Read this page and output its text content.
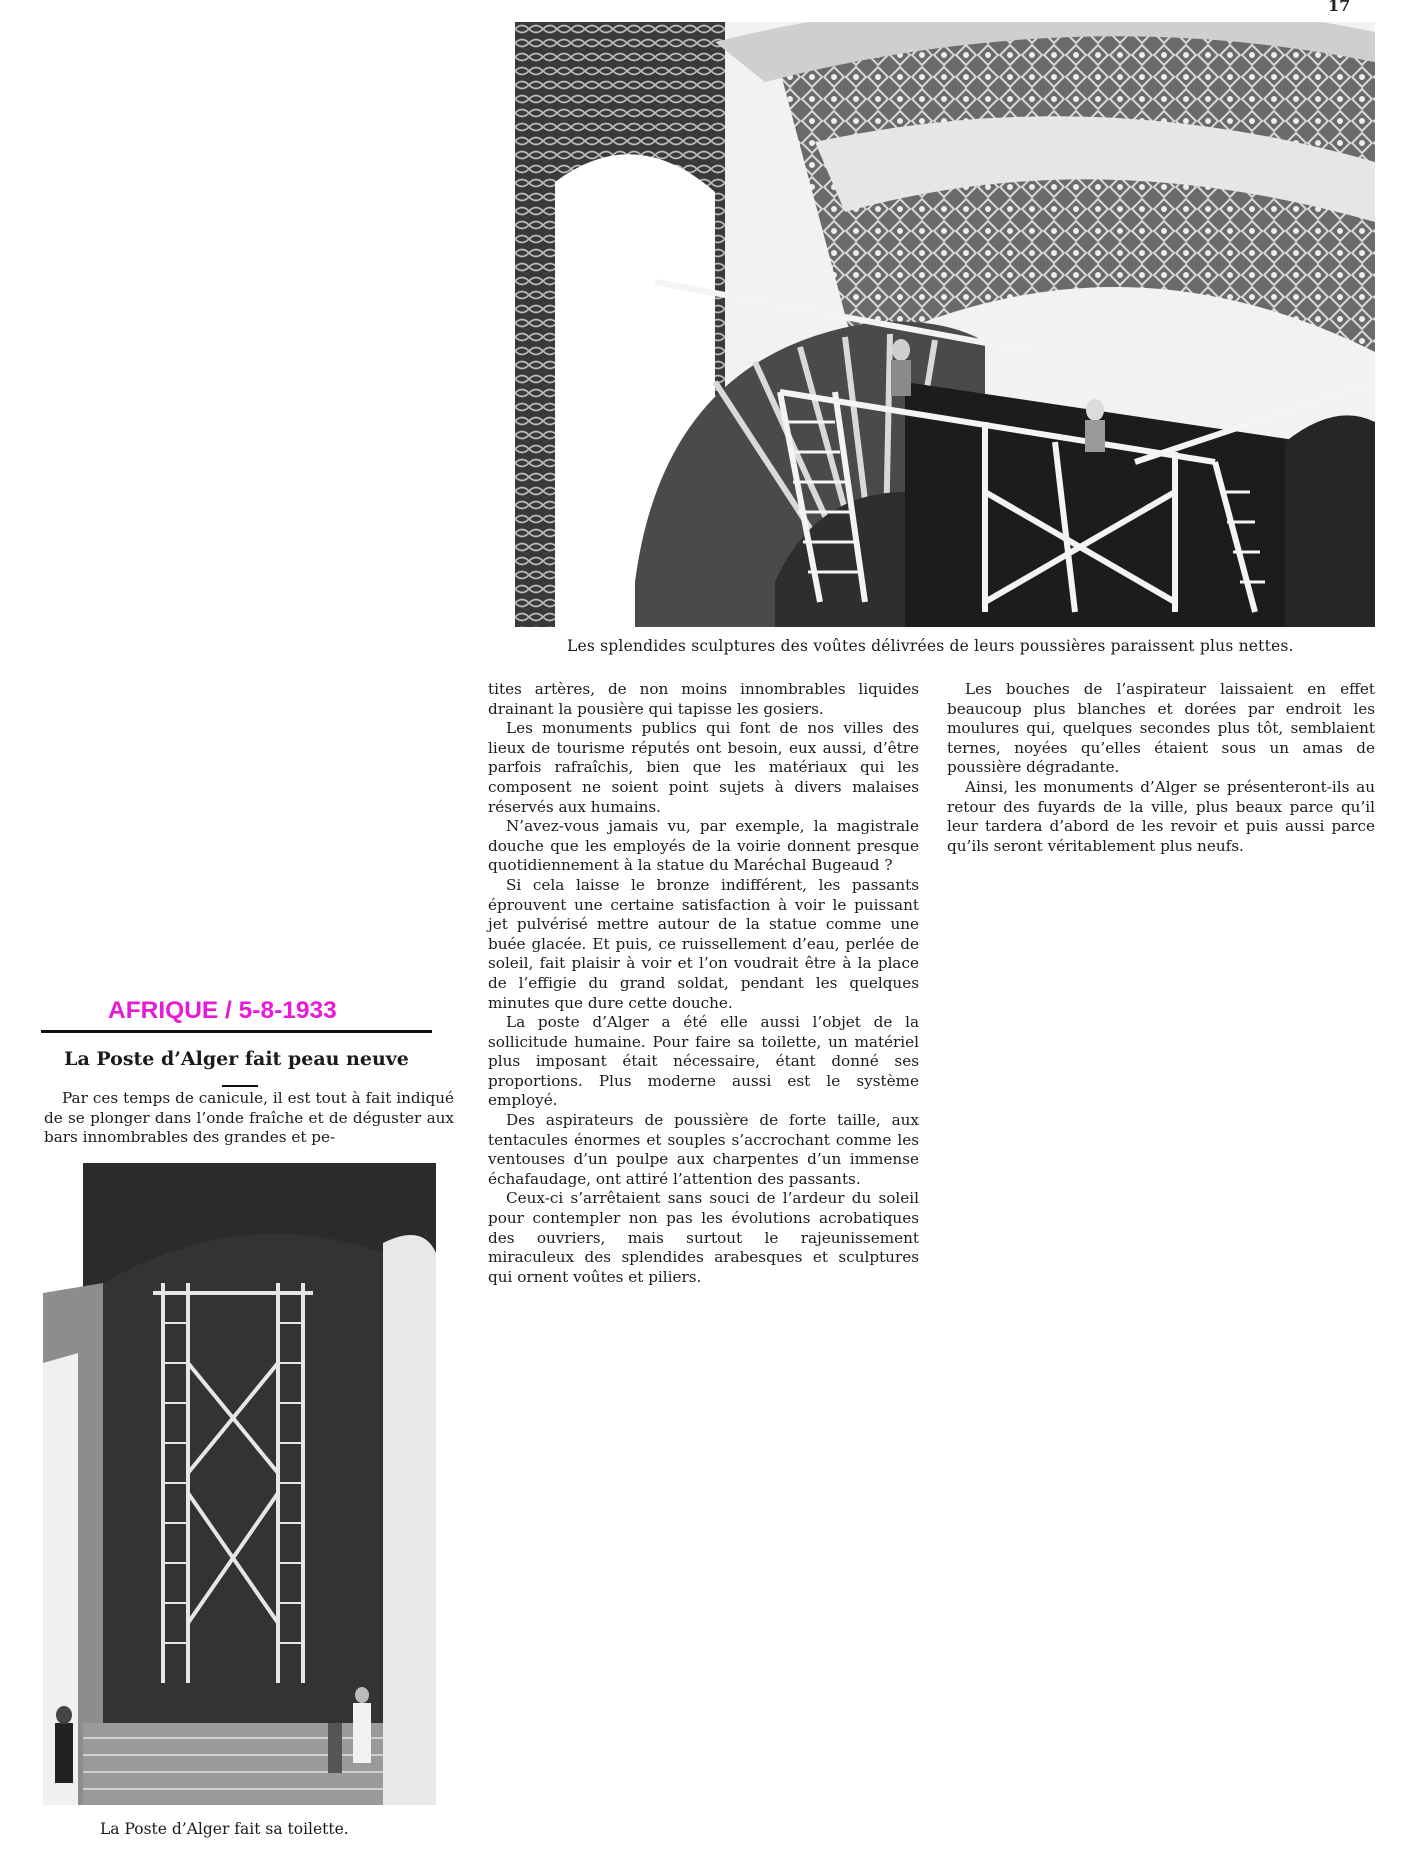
17
Les splendides sculptures des voûtes délivrées de leurs poussières paraissent plus nettes.
AFRIQUE / 5-8-1933
La Poste d’Alger fait peau neuve

Par ces temps de canicule, il est tout à fait indiqué de se plonger dans l’onde fraîche et de déguster aux bars innombrables des grandes et pe-

La Poste d’Alger fait sa toilette.

tites artères, de non moins innombrables liquides drainant la pousière qui tapisse les gosiers.

Les monuments publics qui font de nos villes des lieux de tourisme réputés ont besoin, eux aussi, d’être parfois rafraîchis, bien que les matériaux qui les composent ne soient point sujets à divers malaises réservés aux humains.

N’avez-vous jamais vu, par exemple, la magistrale douche que les employés de la voirie donnent presque quotidiennement à la statue du Maréchal Bugeaud ?

Si cela laisse le bronze indifférent, les passants éprouvent une certaine satisfaction à voir le puissant jet pulvérisé mettre autour de la statue comme une buée glacée. Et puis, ce ruissellement d’eau, perlée de soleil, fait plaisir à voir et l’on voudrait être à la place de l’effigie du grand soldat, pendant les quelques minutes que dure cette douche.

La poste d’Alger a été elle aussi l’objet de la sollicitude humaine. Pour faire sa toilette, un matériel plus imposant était nécessaire, étant donné ses proportions. Plus moderne aussi est le système employé.

Des aspirateurs de poussière de forte taille, aux tentacules énormes et souples s’accrochant comme les ventouses d’un poulpe aux charpentes d’un immense échafaudage, ont attiré l’attention des passants.

Ceux-ci s’arrêtaient sans souci de l’ardeur du soleil pour contempler non pas les évolutions acrobatiques des ouvriers, mais surtout le rajeunissement miraculeux des splendides arabesques et sculptures qui ornent voûtes et piliers.

Les bouches de l’aspirateur laissaient en effet beaucoup plus blanches et dorées par endroit les moulures qui, quelques secondes plus tôt, semblaient ternes, noyées qu’elles étaient sous un amas de poussière dégradante.

Ainsi, les monuments d’Alger se présenteront-ils au retour des fuyards de la ville, plus beaux parce qu’il leur tardera d’abord de les revoir et puis aussi parce qu’ils seront véritablement plus neufs.
